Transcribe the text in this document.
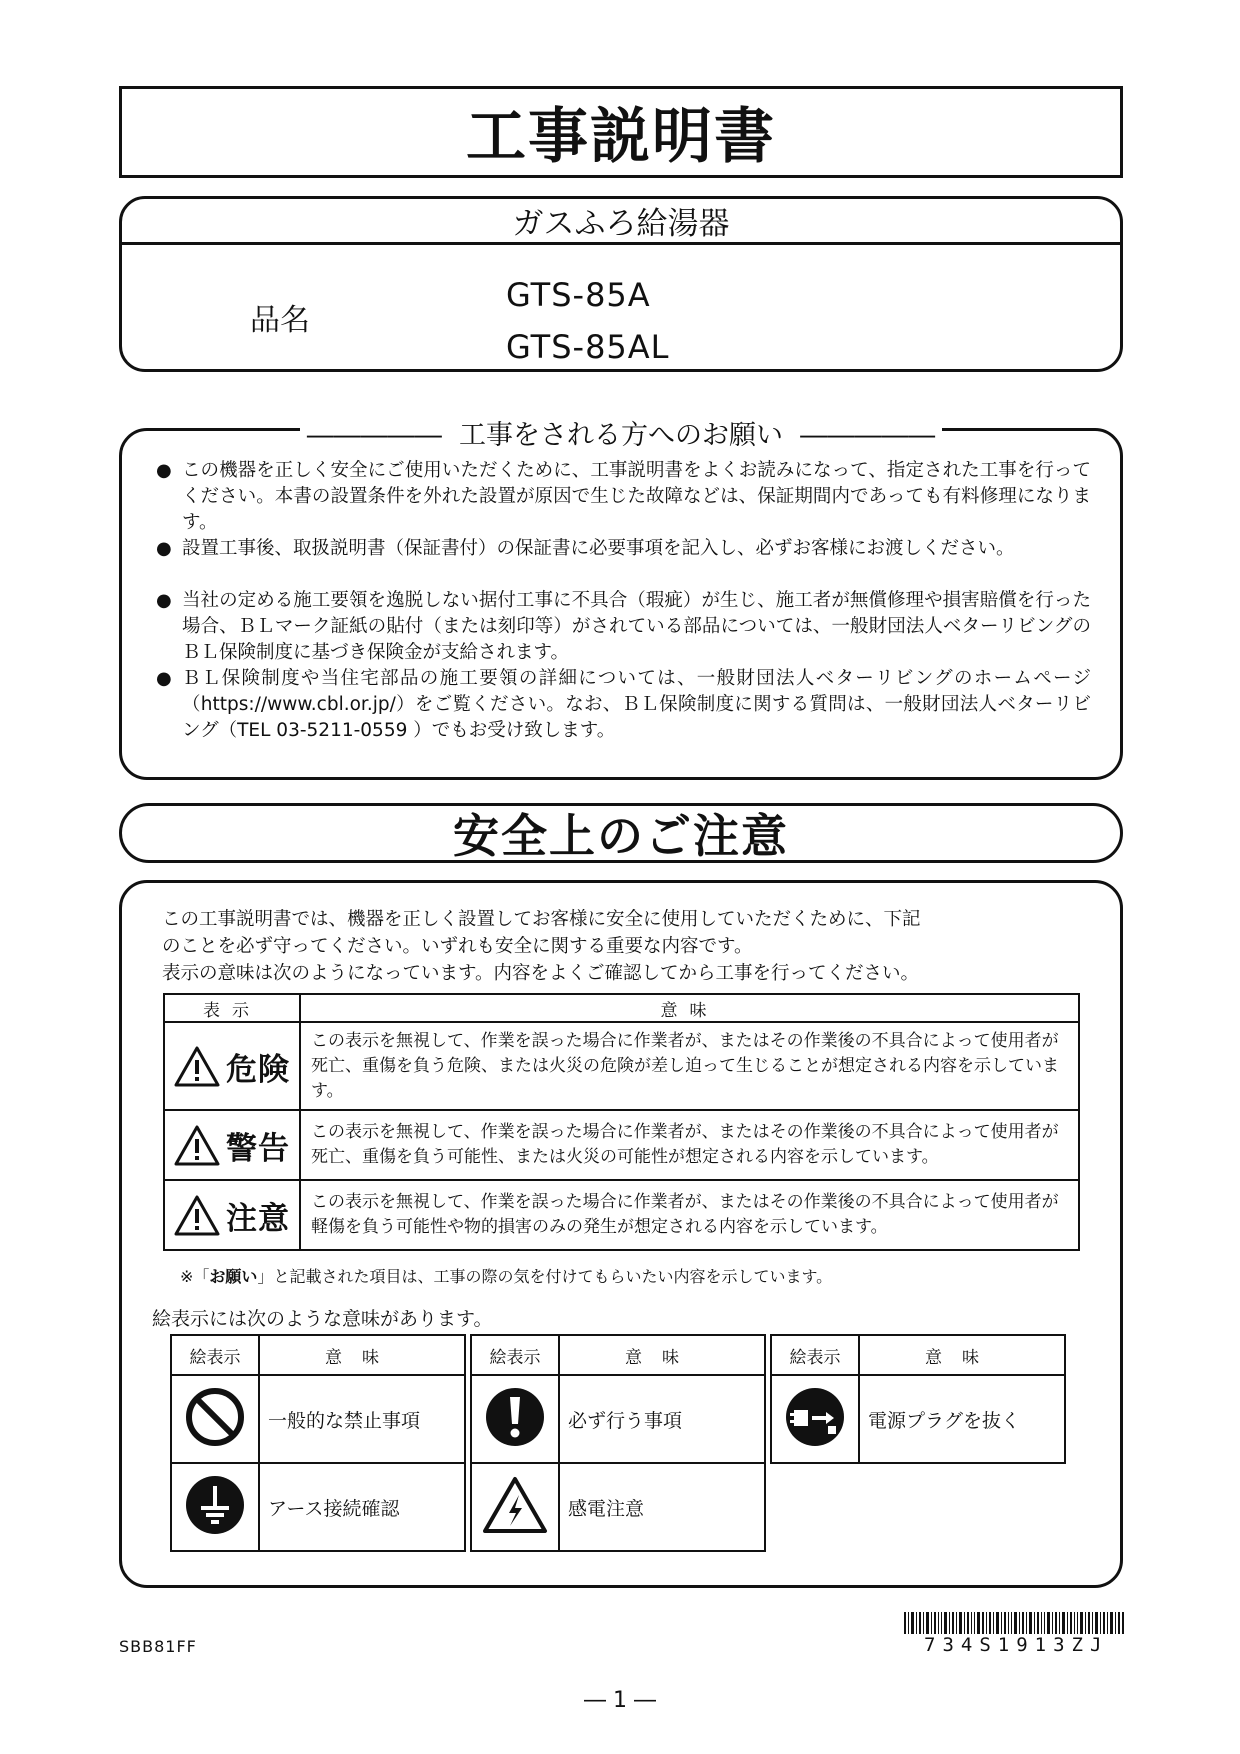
工事説明書
ガスふろ給湯器
品名
GTS-85A
GTS-85AL
―――――  工事をされる方へのお願い  ―――――
● この機器を正しく安全にご使用いただくために、工事説明書をよくお読みになって、指定された工事を行ってください。本書の設置条件を外れた設置が原因で生じた故障などは、保証期間内であっても有料修理になります。
● 設置工事後、取扱説明書（保証書付）の保証書に必要事項を記入し、必ずお客様にお渡しください。
● 当社の定める施工要領を逸脱しない据付工事に不具合（瑕疵）が生じ、施工者が無償修理や損害賠償を行った場合、ＢＬマーク証紙の貼付（または刻印等）がされている部品については、一般財団法人ベターリビングのＢＬ保険制度に基づき保険金が支給されます。
● ＢＬ保険制度や当住宅部品の施工要領の詳細については、一般財団法人ベターリビングのホームページ（https://www.cbl.or.jp/）をご覧ください。なお、ＢＬ保険制度に関する質問は、一般財団法人ベターリビング（TEL 03-5211-0559 ）でもお受け致します。
安全上のご注意

この工事説明書では、機器を正しく設置してお客様に安全に使用していただくために、下記

のことを必ず守ってください。いずれも安全に関する重要な内容です。

表示の意味は次のようになっています。内容をよくご確認してから工事を行ってください。

表示	意味

危険	この表示を無視して、作業を誤った場合に作業者が、またはその作業後の不具合によって使用者が死亡、重傷を負う危険、または火災の危険が差し迫って生じることが想定される内容を示しています。

警告	この表示を無視して、作業を誤った場合に作業者が、またはその作業後の不具合によって使用者が死亡、重傷を負う可能性、または火災の可能性が想定される内容を示しています。

注意	この表示を無視して、作業を誤った場合に作業者が、またはその作業後の不具合によって使用者が軽傷を負う可能性や物的損害のみの発生が想定される内容を示しています。
※「お願い」と記載された項目は、工事の際の気を付けてもらいたい内容を示しています。
絵表示には次のような意味があります。
絵表示	意味
	一般的な禁止事項
	アース接続確認
絵表示	意味
	必ず行う事項
	感電注意
絵表示	意味
	電源プラグを抜く
SBB81FF	734S1913ZJ
― 1 ―
